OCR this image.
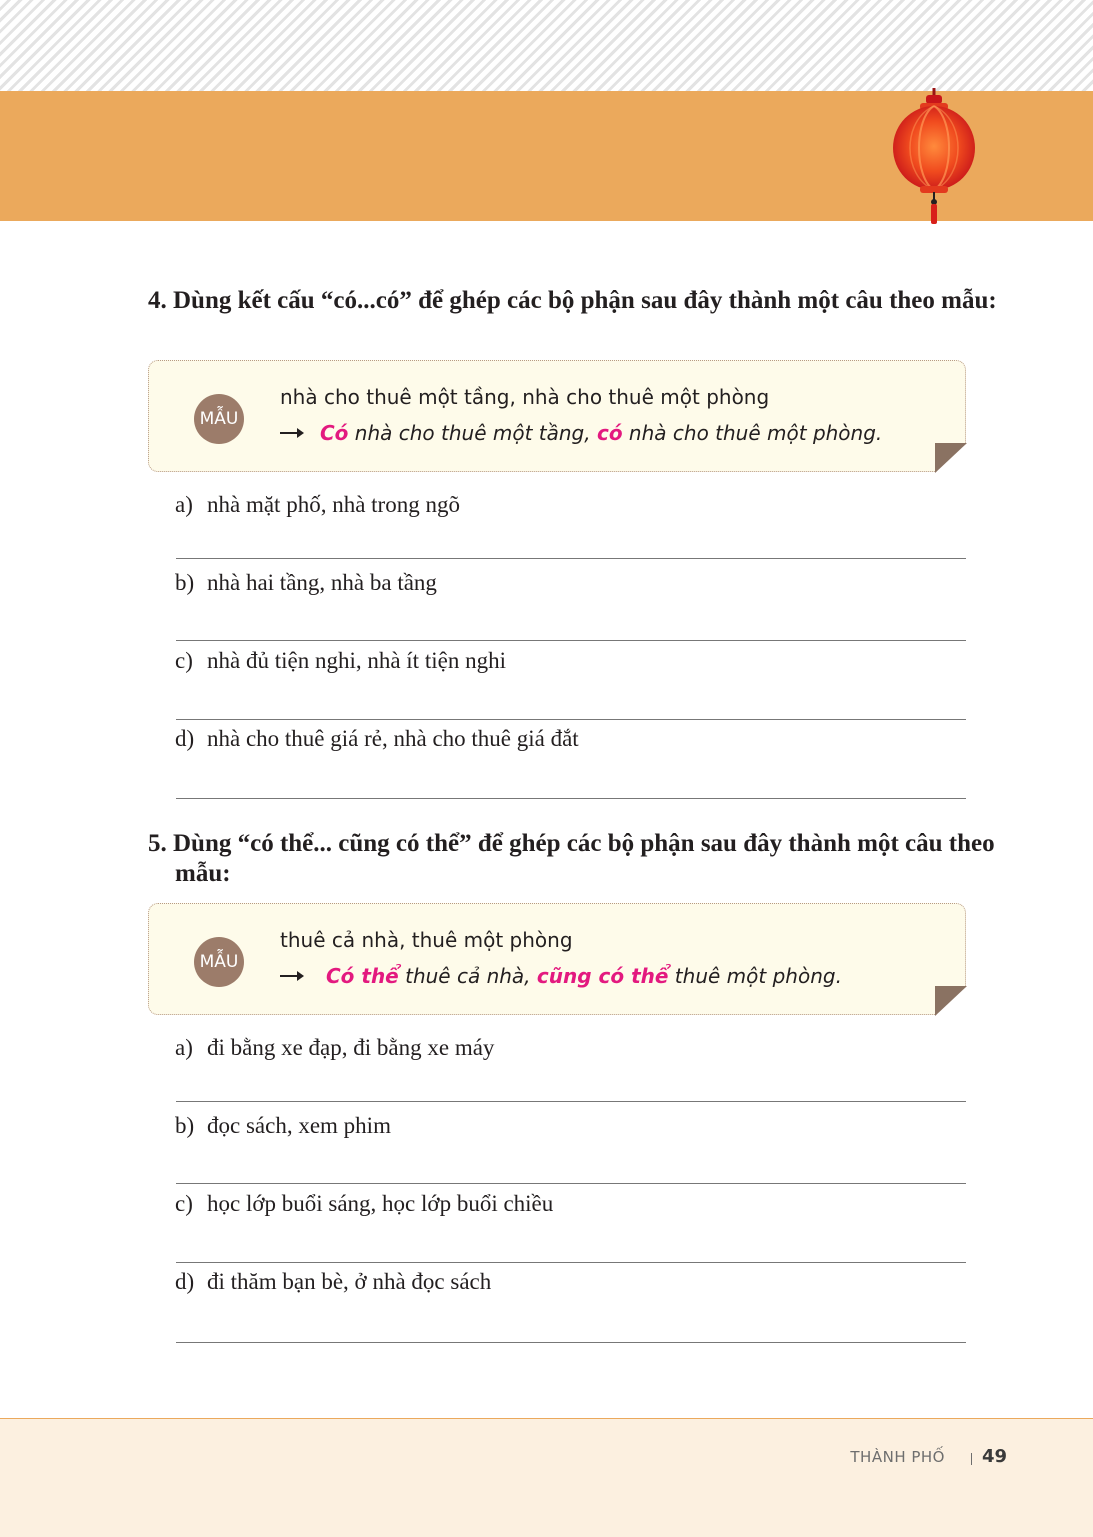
4. Dùng kết cấu “có...có” để ghép các bộ phận sau đây thành một câu theo mẫu:

MẪU
nhà cho thuê một tầng, nhà cho thuê một phòng
Có nhà cho thuê một tầng, có nhà cho thuê một phòng.
a) nhà mặt phố, nhà trong ngõ
b) nhà hai tầng, nhà ba tầng
c) nhà đủ tiện nghi, nhà ít tiện nghi
d) nhà cho thuê giá rẻ, nhà cho thuê giá đắt

5. Dùng “có thể... cũng có thể” để ghép các bộ phận sau đây thành một câu theo mẫu:

MẪU
thuê cả nhà, thuê một phòng
Có thể thuê cả nhà, cũng có thể thuê một phòng.
a) đi bằng xe đạp, đi bằng xe máy
b) đọc sách, xem phim
c) học lớp buổi sáng, học lớp buổi chiều
d) đi thăm bạn bè, ở nhà đọc sách
THÀNH PHỐ 49
